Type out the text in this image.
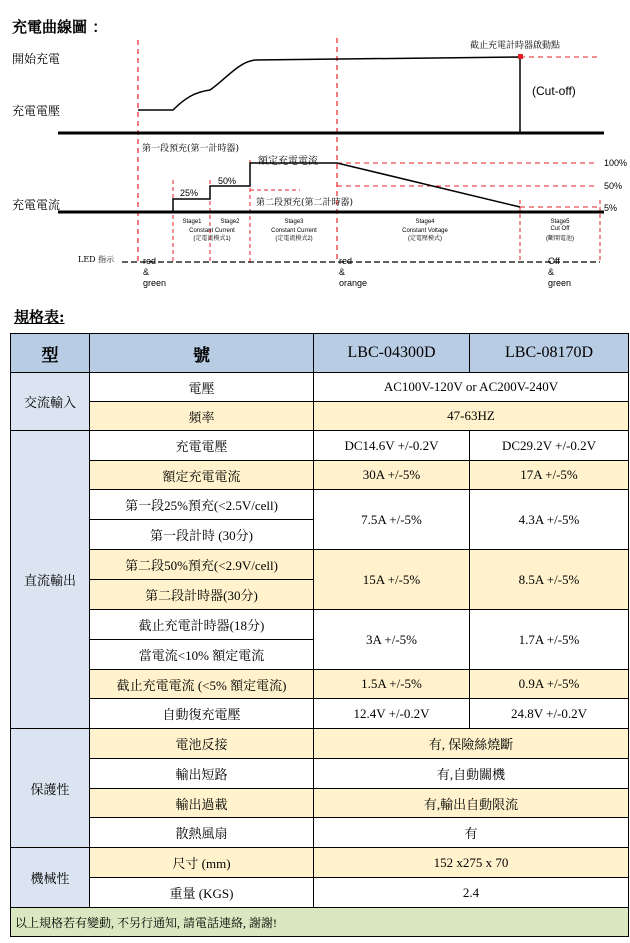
充電曲線圖 ：
開始充電
充電電壓
充電電流
截止充電計時器啟動點
(Cut-off)
第一段預充(第一計時器)
額定充電電流
第二段預充(第二計時器)
25%
50%
100%
50%
5%
Stage1	Stage2
Constant Current
(定電流模式1)
Stage3
Constant Current
(定電流模式2)
Stage4
Constant Voltage
(定電壓模式)
Stage5
Cut Off
(斷開電池)
LED 指示	red
&
green
red
&
orange
Off
&
green
規格表:
型	號	LBC-04300D	LBC-08170D
交流輸入	電壓	AC100V-120V or AC200V-240V	
	頻率	47-63HZ	
直流輸出	充電電壓	DC14.6V +/-0.2V	DC29.2V +/-0.2V
	額定充電電流	30A +/-5%	17A +/-5%
	第一段25%預充(<2.5V/cell)	7.5A +/-5%	4.3A +/-5%
	第一段計時 (30分)		
	第二段50%預充(<2.9V/cell)	15A +/-5%	8.5A +/-5%
	第二段計時器(30分)		
	截止充電計時器(18分)	3A +/-5%	1.7A +/-5%
	當電流<10% 額定電流		
	截止充電電流 (<5% 額定電流)	1.5A +/-5%	0.9A +/-5%
	自動復充電壓	12.4V +/-0.2V	24.8V +/-0.2V
保護性	電池反接	有, 保險絲燒斷	
	輸出短路	有,自動關機	
	輸出過載	有,輸出自動限流	
	散熱風扇	有	
機械性	尺寸 (mm)	152 x275 x 70	
	重量 (KGS)	2.4	
以上規格若有變動, 不另行通知, 請電話連絡, 謝謝!			
